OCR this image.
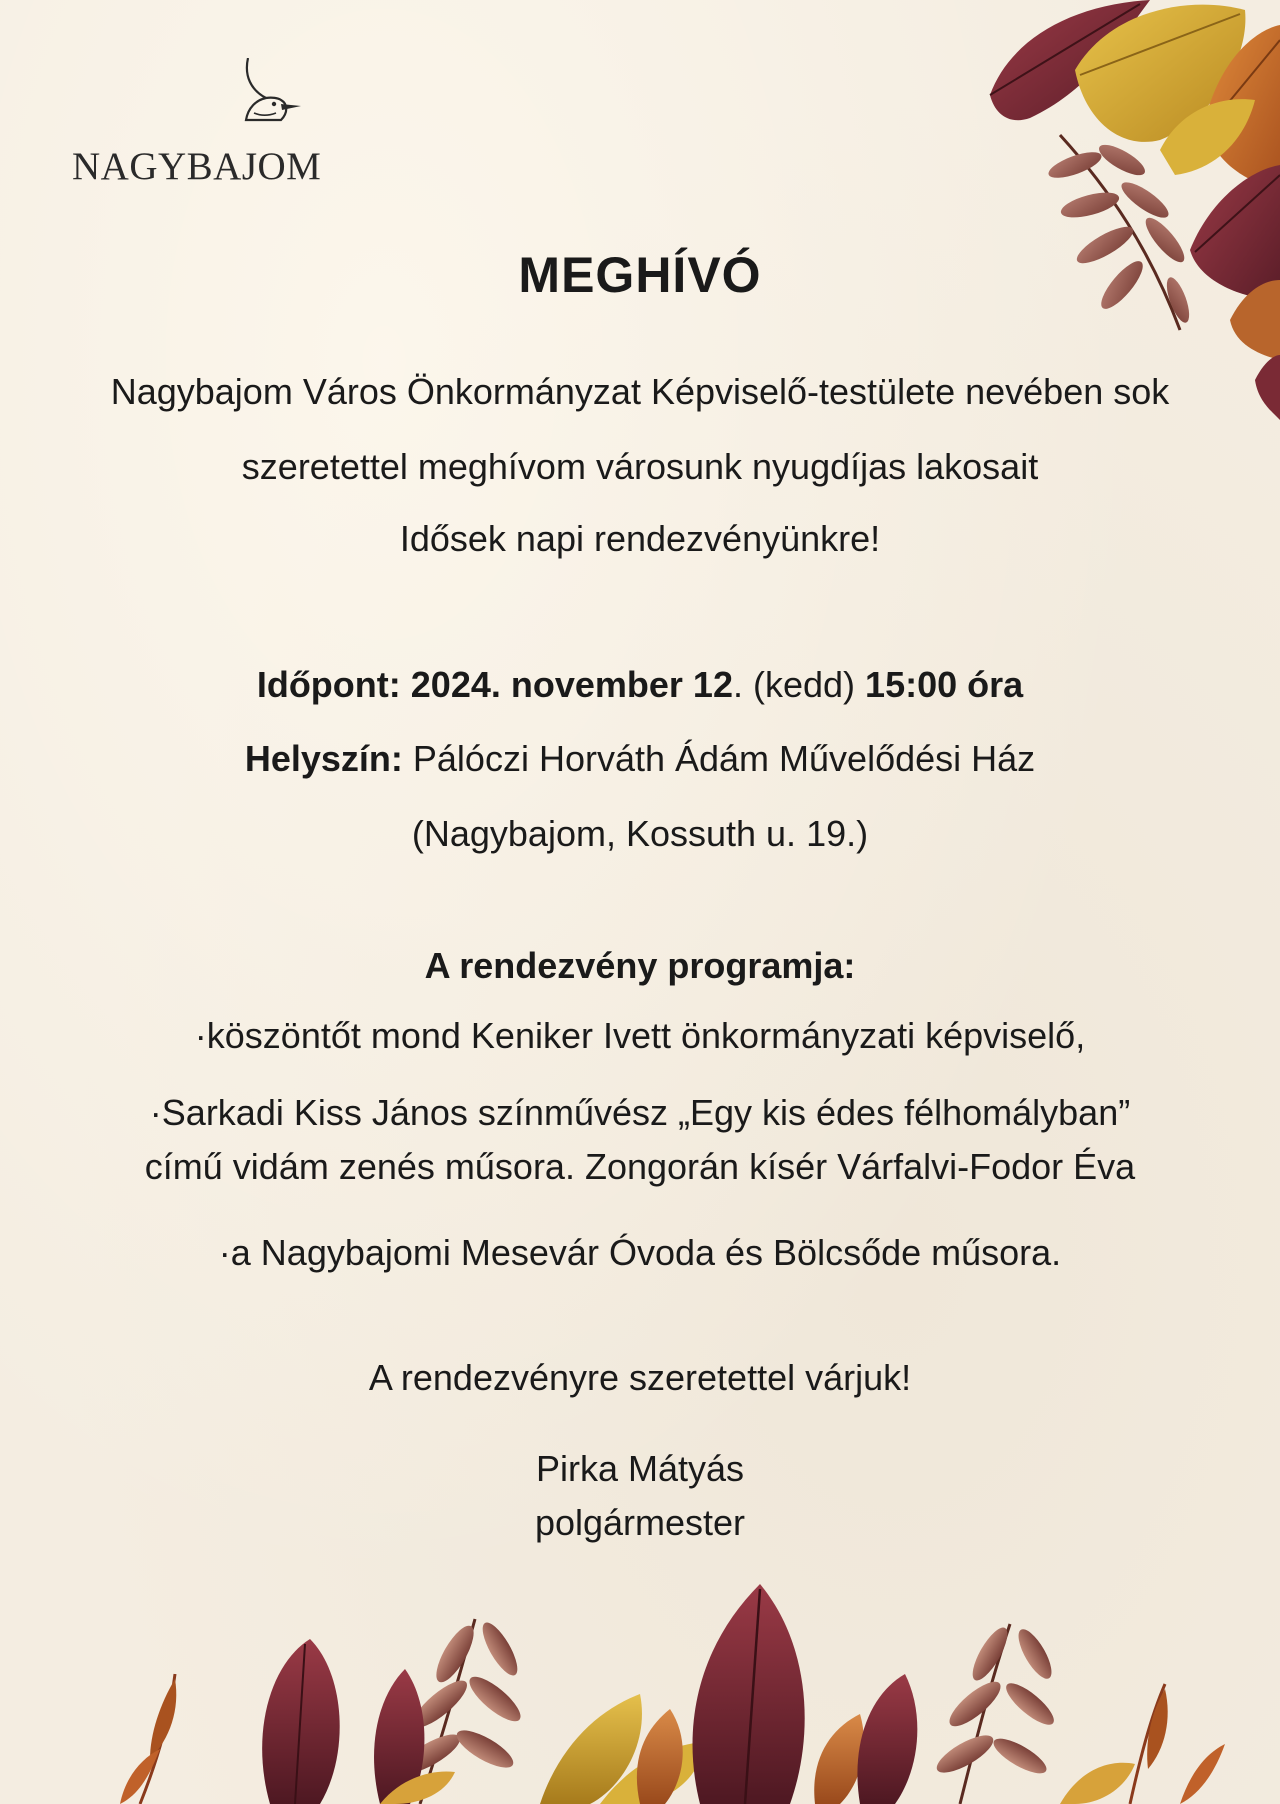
NAGYBAJOM
MEGHÍVÓ
Nagybajom Város Önkormányzat Képviselő-testülete nevében sok
szeretettel meghívom városunk nyugdíjas lakosait
Idősek napi rendezvényünkre!
Időpont: 2024. november 12. (kedd) 15:00 óra
Helyszín: Pálóczi Horváth Ádám Művelődési Ház
(Nagybajom, Kossuth u. 19.)
A rendezvény programja:
·köszöntőt mond Keniker Ivett önkormányzati képviselő,
·Sarkadi Kiss János színművész „Egy kis édes félhomályban”
című vidám zenés műsora. Zongorán kísér Várfalvi-Fodor Éva
·a Nagybajomi Mesevár Óvoda és Bölcsőde műsora.
A rendezvényre szeretettel várjuk!
Pirka Mátyás
polgármester
